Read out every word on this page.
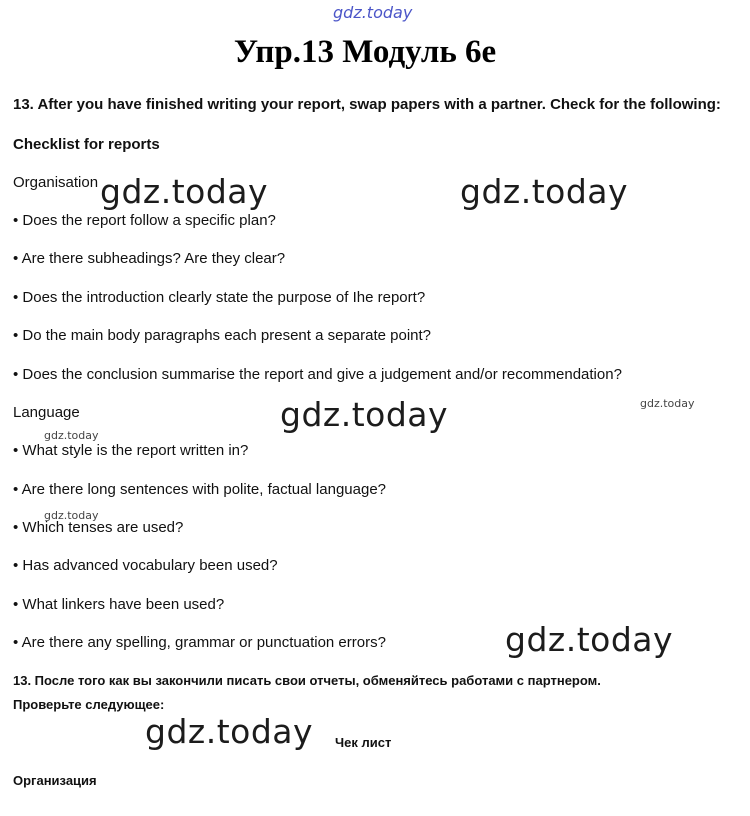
gdz.today
Упр.13 Модуль 6е
13. After you have finished writing your report, swap papers with a partner. Check for the following:
Checklist for reports
Organisation
• Does the report follow a specific plan?
• Are there subheadings? Are they clear?
• Does the introduction clearly state the purpose of Ihe report?
• Do the main body paragraphs each present a separate point?
• Does the conclusion summarise the report and give a judgement and/or recommendation?
Language
• What style is the report written in?
• Are there long sentences with polite, factual language?
• Which tenses are used?
• Has advanced vocabulary been used?
• What linkers have been used?
• Are there any spelling, grammar or punctuation errors?
13. После того как вы закончили писать свои отчеты, обменяйтесь работами с партнером.
Проверьте следующее:
Чек лист
Организация
gdz.today	gdz.today
gdz.today
gdz.today
gdz.today
gdz.today
gdz.today
gdz.today
